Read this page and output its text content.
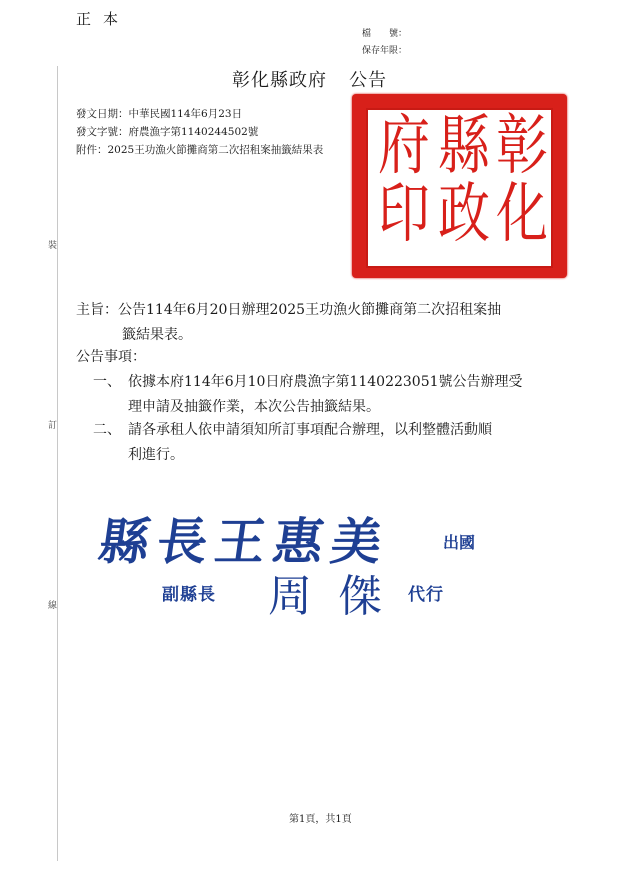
正本
檔　　號：
保存年限：
裝
訂
線
彰化縣政府 公告
發文日期：中華民國114年6月23日
發文字號：府農漁字第1140244502號
附件：2025王功漁火節攤商第二次招租案抽籤結果表	彰
化
縣
政
府
印
主旨：公告114年6月20日辦理2025王功漁火節攤商第二次招租案抽
籤結果表。
公告事項：
一、 依據本府114年6月10日府農漁字第1140223051號公告辦理受
理申請及抽籤作業，本次公告抽籤結果。
二、 請各承租人依申請須知所訂事項配合辦理，以利整體活動順
利進行。
縣長王惠美	出國
副縣長 周傑 代行
第1頁，共1頁
